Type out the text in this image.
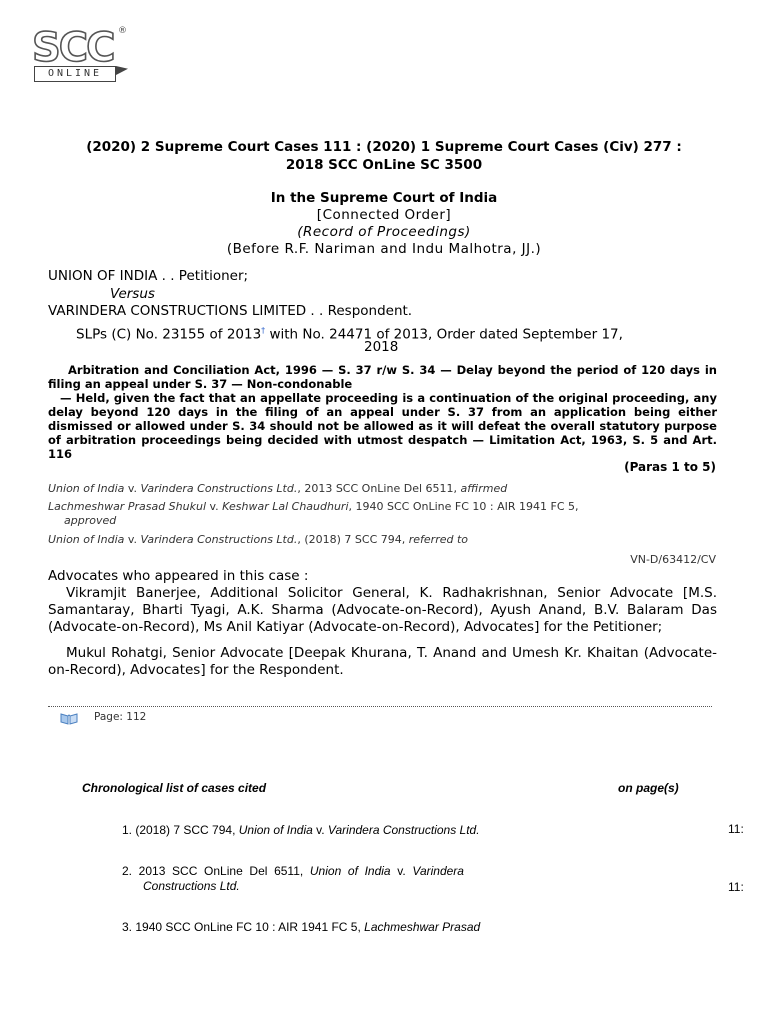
SCC ®
ONLINE
(2020) 2 Supreme Court Cases 111 : (2020) 1 Supreme Court Cases (Civ) 277 :
2018 SCC OnLine SC 3500
In the Supreme Court of India
[Connected Order]
(Record of Proceedings)
(Before R.F. Nariman and Indu Malhotra, JJ.)
UNION OF INDIA . . Petitioner;
Versus
VARINDERA CONSTRUCTIONS LIMITED . . Respondent.
SLPs (C) No. 23155 of 2013† with No. 24471 of 2013, Order dated September 17,
2018
Arbitration and Conciliation Act, 1996 — S. 37 r/w S. 34 — Delay beyond the period of 120 days in filing an appeal under S. 37 — Non-condonable
— Held, given the fact that an appellate proceeding is a continuation of the original proceeding, any delay beyond 120 days in the filing of an appeal under S. 37 from an application being either dismissed or allowed under S. 34 should not be allowed as it will defeat the overall statutory purpose of arbitration proceedings being decided with utmost despatch — Limitation Act, 1963, S. 5 and Art. 116
(Paras 1 to 5)
Union of India v. Varindera Constructions Ltd., 2013 SCC OnLine Del 6511, affirmed
Lachmeshwar Prasad Shukul v. Keshwar Lal Chaudhuri, 1940 SCC OnLine FC 10 : AIR 1941 FC 5,
approved
Union of India v. Varindera Constructions Ltd., (2018) 7 SCC 794, referred to
VN-D/63412/CV
Advocates who appeared in this case :
Vikramjit Banerjee, Additional Solicitor General, K. Radhakrishnan, Senior Advocate [M.S. Samantaray, Bharti Tyagi, A.K. Sharma (Advocate-on-Record), Ayush Anand, B.V. Balaram Das (Advocate-on-Record), Ms Anil Katiyar (Advocate-on-Record), Advocates] for the Petitioner;
Mukul Rohatgi, Senior Advocate [Deepak Khurana, T. Anand and Umesh Kr. Khaitan (Advocate-on-Record), Advocates] for the Respondent.
Page: 112
Chronological list of cases cited	on page(s)
1. (2018) 7 SCC 794, Union of India v. Varindera Constructions Ltd.	11:
2.  2013  SCC  OnLine  Del  6511,  Union  of  India  v.  Varindera
Constructions Ltd.	11:
3. 1940 SCC OnLine FC 10 : AIR 1941 FC 5, Lachmeshwar Prasad
